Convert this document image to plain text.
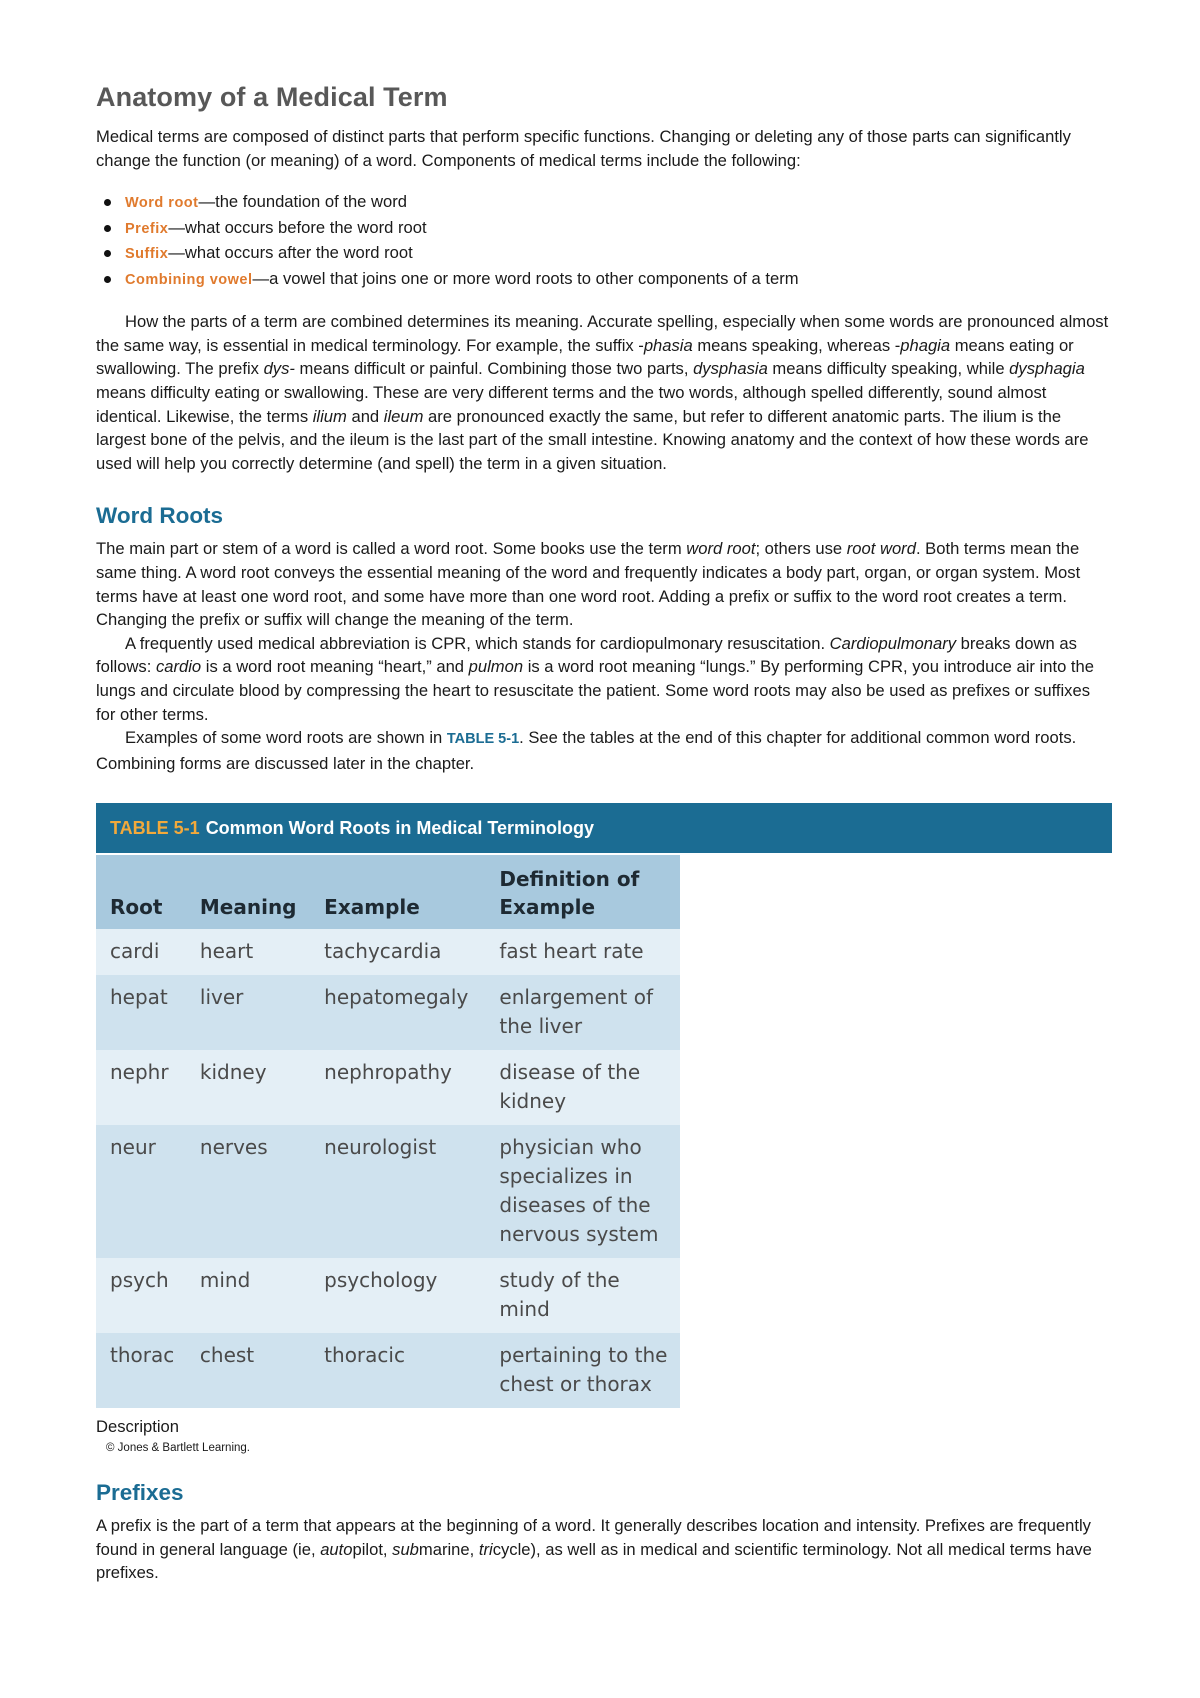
Anatomy of a Medical Term

Medical terms are composed of distinct parts that perform specific functions. Changing or deleting any of those parts can significantly change the function (or meaning) of a word. Components of medical terms include the following:

Word root—the foundation of the word
Prefix—what occurs before the word root
Suffix—what occurs after the word root
Combining vowel—a vowel that joins one or more word roots to other components of a term

How the parts of a term are combined determines its meaning. Accurate spelling, especially when some words are pronounced almost the same way, is essential in medical terminology. For example, the suffix -phasia means speaking, whereas -phagia means eating or swallowing. The prefix dys- means difficult or painful. Combining those two parts, dysphasia means difficulty speaking, while dysphagia means difficulty eating or swallowing. These are very different terms and the two words, although spelled differently, sound almost identical. Likewise, the terms ilium and ileum are pronounced exactly the same, but refer to different anatomic parts. The ilium is the largest bone of the pelvis, and the ileum is the last part of the small intestine. Knowing anatomy and the context of how these words are used will help you correctly determine (and spell) the term in a given situation.

Word Roots

The main part or stem of a word is called a word root. Some books use the term word root; others use root word. Both terms mean the same thing. A word root conveys the essential meaning of the word and frequently indicates a body part, organ, or organ system. Most terms have at least one word root, and some have more than one word root. Adding a prefix or suffix to the word root creates a term. Changing the prefix or suffix will change the meaning of the term.

A frequently used medical abbreviation is CPR, which stands for cardiopulmonary resuscitation. Cardiopulmonary breaks down as follows: cardio is a word root meaning “heart,” and pulmon is a word root meaning “lungs.” By performing CPR, you introduce air into the lungs and circulate blood by compressing the heart to resuscitate the patient. Some word roots may also be used as prefixes or suffixes for other terms.

Examples of some word roots are shown in TABLE 5-1. See the tables at the end of this chapter for additional common word roots. Combining forms are discussed later in the chapter.

TABLE 5-1 Common Word Roots in Medical Terminology
Root	Meaning	Example	Definition of Example
cardi	heart	tachycardia	fast heart rate
hepat	liver	hepatomegaly	enlargement of the liver
nephr	kidney	nephropathy	disease of the kidney
neur	nerves	neurologist	physician who specializes in diseases of the nervous system
psych	mind	psychology	study of the mind
thorac	chest	thoracic	pertaining to the chest or thorax
Description
© Jones & Bartlett Learning.
Prefixes

A prefix is the part of a term that appears at the beginning of a word. It generally describes location and intensity. Prefixes are frequently found in general language (ie, autopilot, submarine, tricycle), as well as in medical and scientific terminology. Not all medical terms have prefixes.
